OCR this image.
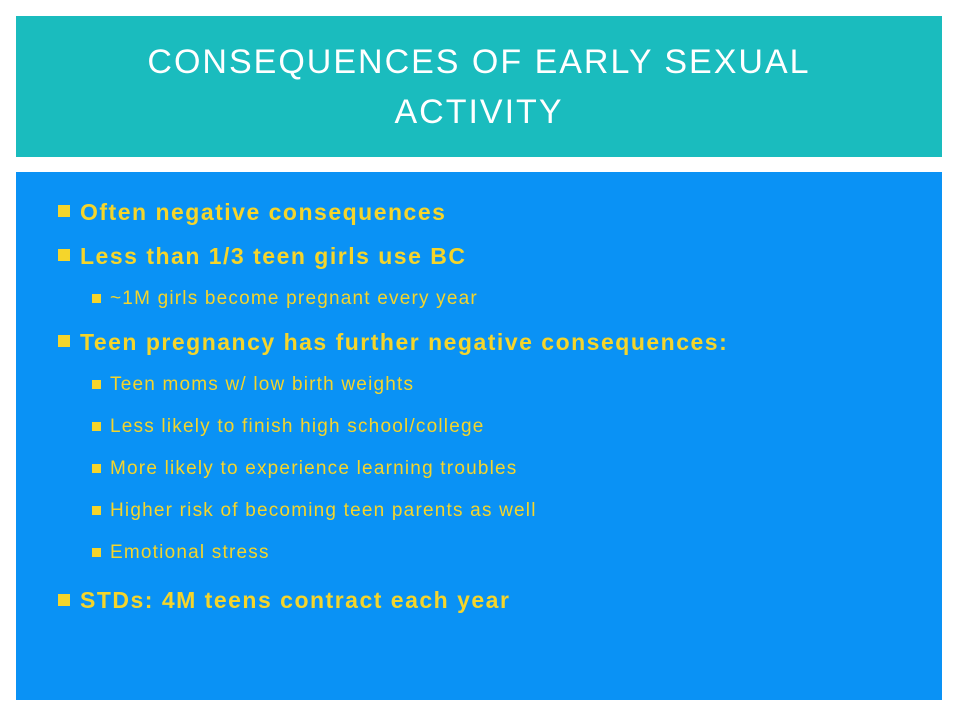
CONSEQUENCES OF EARLY SEXUAL ACTIVITY
Often negative consequences
Less than 1/3 teen girls use BC
~1M girls become pregnant every year
Teen pregnancy has further negative consequences:
Teen moms w/ low birth weights
Less likely to finish high school/college
More likely to experience learning troubles
Higher risk of becoming teen parents as well
Emotional stress
STDs: 4M teens contract each year
